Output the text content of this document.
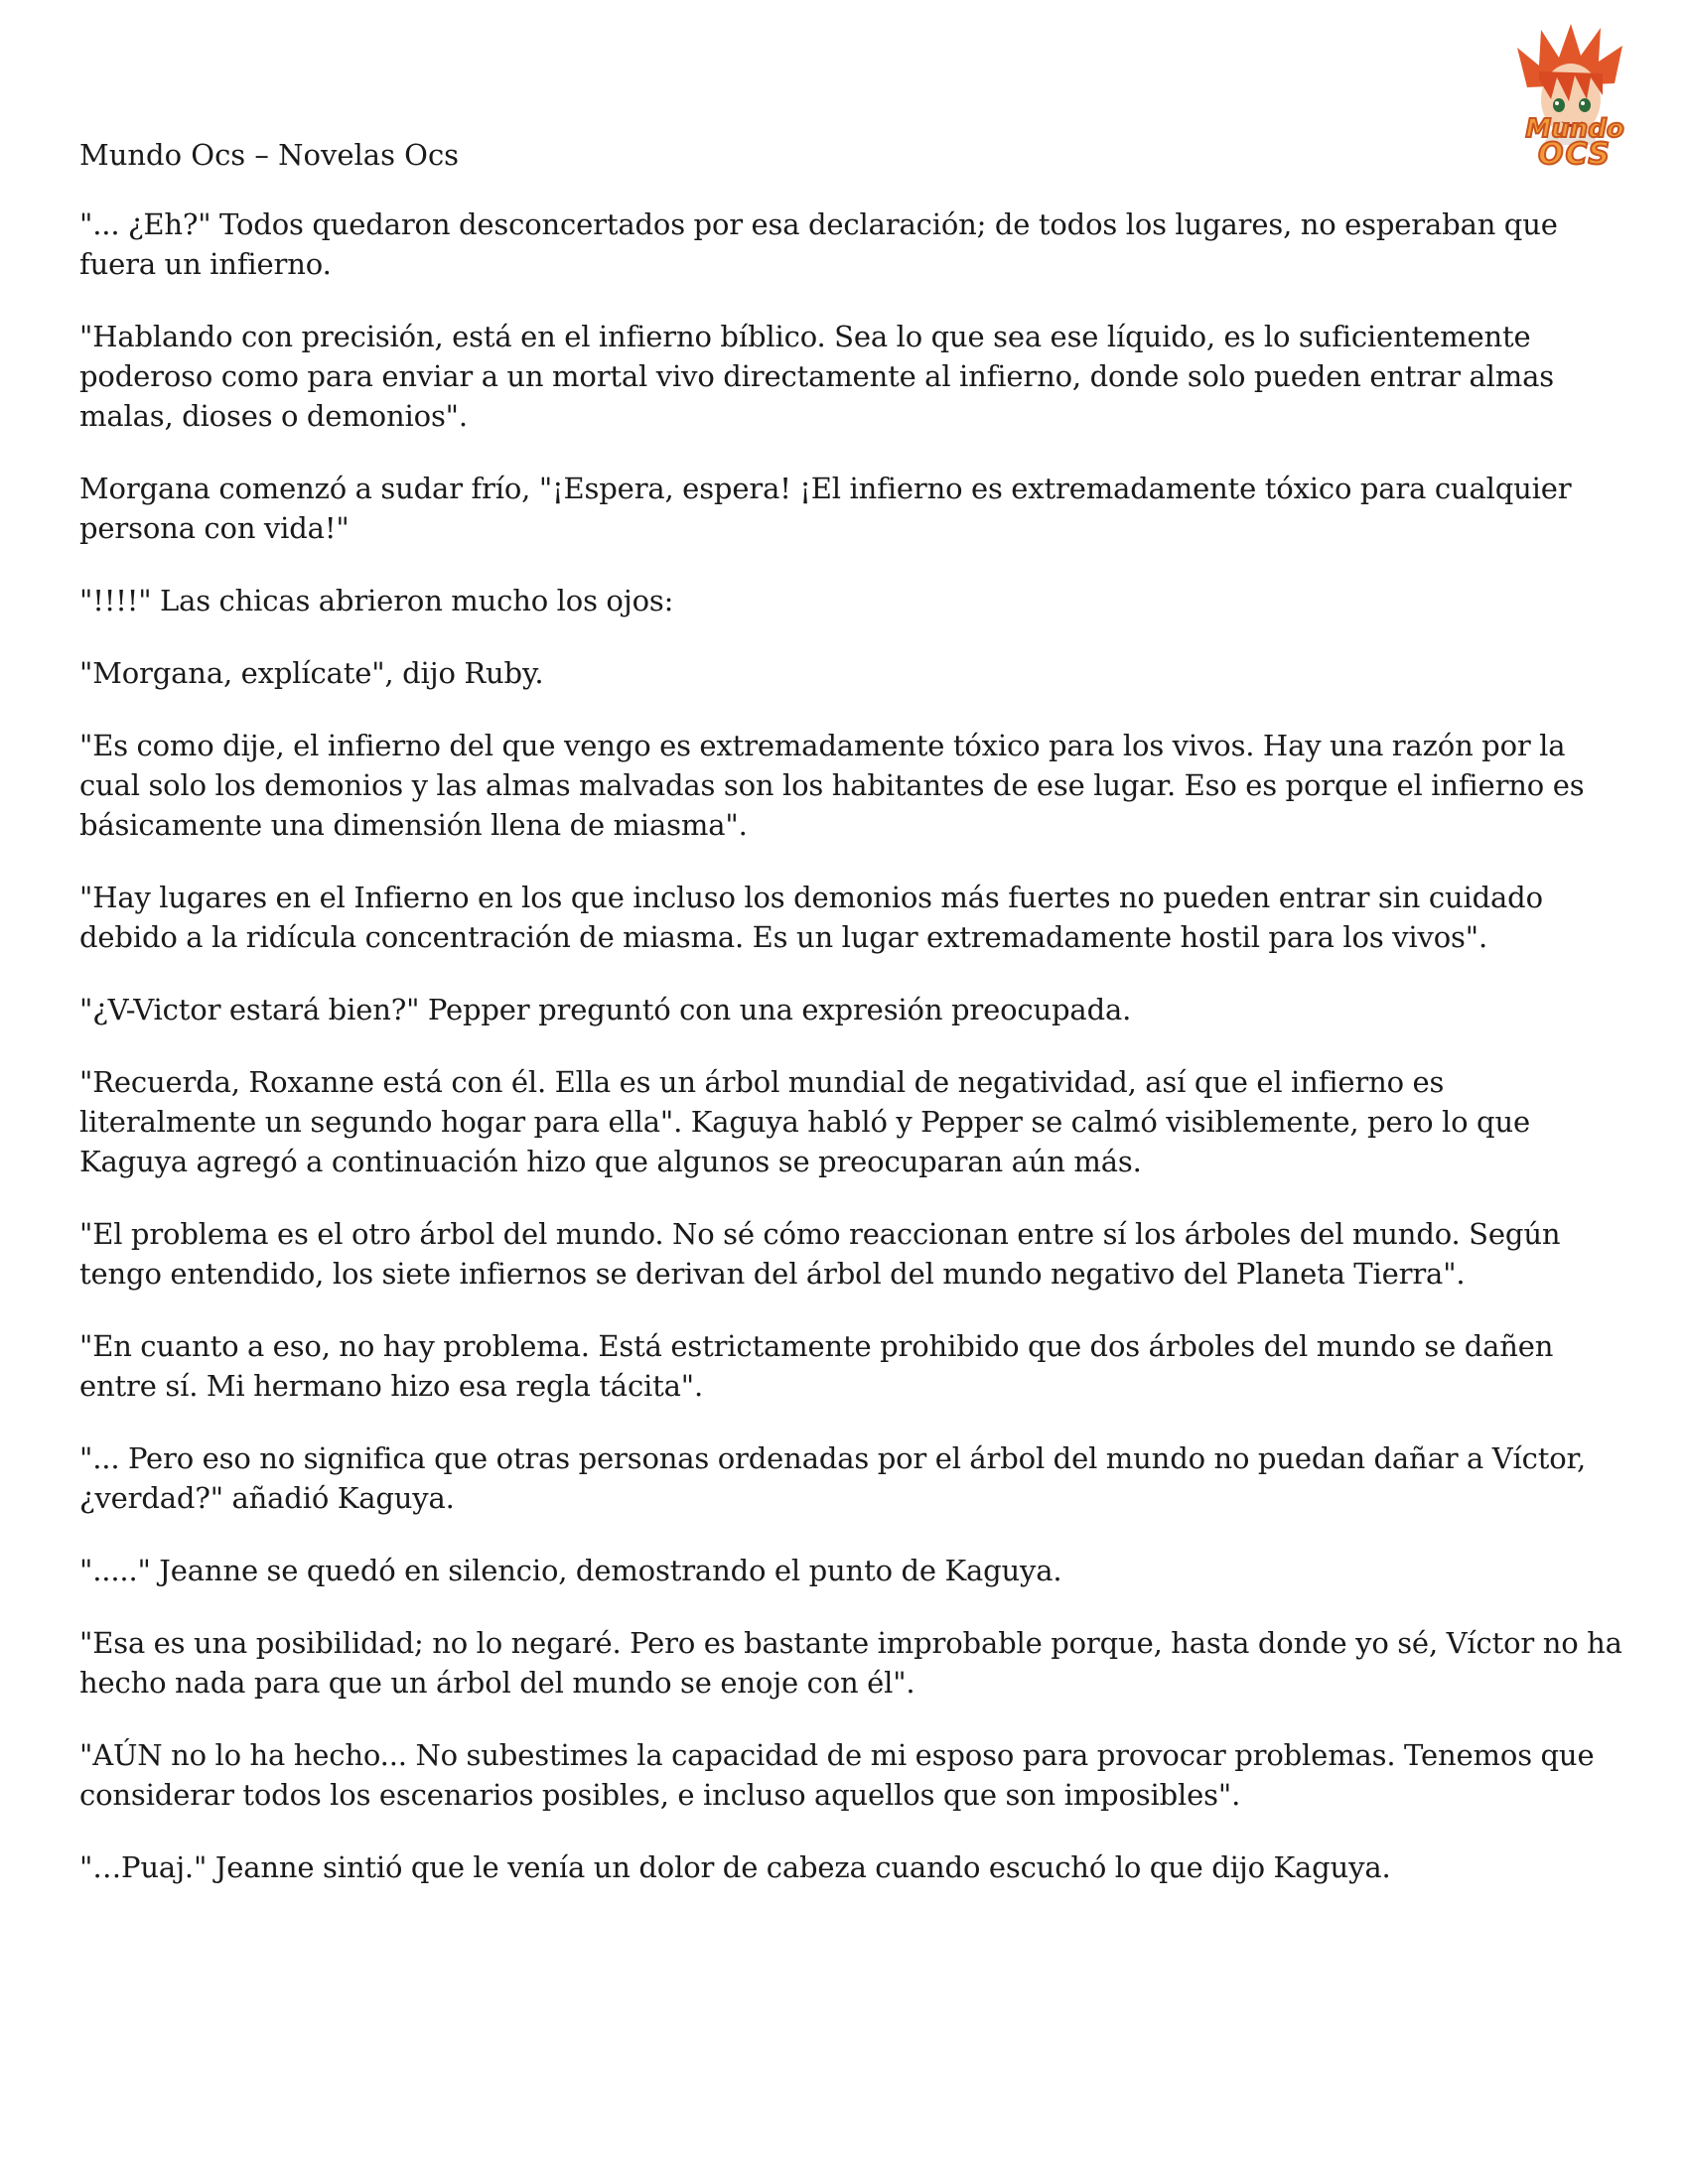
Mundo
OCS

Mundo Ocs – Novelas Ocs

"... ¿Eh?" Todos quedaron desconcertados por esa declaración; de todos los lugares, no esperaban que fuera un infierno.

"Hablando con precisión, está en el infierno bíblico. Sea lo que sea ese líquido, es lo suficientemente poderoso como para enviar a un mortal vivo directamente al infierno, donde solo pueden entrar almas malas, dioses o demonios".

Morgana comenzó a sudar frío, "¡Espera, espera! ¡El infierno es extremadamente tóxico para cualquier persona con vida!"

"!!!!" Las chicas abrieron mucho los ojos:

"Morgana, explícate", dijo Ruby.

"Es como dije, el infierno del que vengo es extremadamente tóxico para los vivos. Hay una razón por la cual solo los demonios y las almas malvadas son los habitantes de ese lugar. Eso es porque el infierno es básicamente una dimensión llena de miasma".

"Hay lugares en el Infierno en los que incluso los demonios más fuertes no pueden entrar sin cuidado debido a la ridícula concentración de miasma. Es un lugar extremadamente hostil para los vivos".

"¿V-Victor estará bien?" Pepper preguntó con una expresión preocupada.

"Recuerda, Roxanne está con él. Ella es un árbol mundial de negatividad, así que el infierno es literalmente un segundo hogar para ella". Kaguya habló y Pepper se calmó visiblemente, pero lo que Kaguya agregó a continuación hizo que algunos se preocuparan aún más.

"El problema es el otro árbol del mundo. No sé cómo reaccionan entre sí los árboles del mundo. Según tengo entendido, los siete infiernos se derivan del árbol del mundo negativo del Planeta Tierra".

"En cuanto a eso, no hay problema. Está estrictamente prohibido que dos árboles del mundo se dañen entre sí. Mi hermano hizo esa regla tácita".

"... Pero eso no significa que otras personas ordenadas por el árbol del mundo no puedan dañar a Víctor, ¿verdad?" añadió Kaguya.

"....." Jeanne se quedó en silencio, demostrando el punto de Kaguya.

"Esa es una posibilidad; no lo negaré. Pero es bastante improbable porque, hasta donde yo sé, Víctor no ha hecho nada para que un árbol del mundo se enoje con él".

"AÚN no lo ha hecho... No subestimes la capacidad de mi esposo para provocar problemas. Tenemos que considerar todos los escenarios posibles, e incluso aquellos que son imposibles".

"…Puaj." Jeanne sintió que le venía un dolor de cabeza cuando escuchó lo que dijo Kaguya.
